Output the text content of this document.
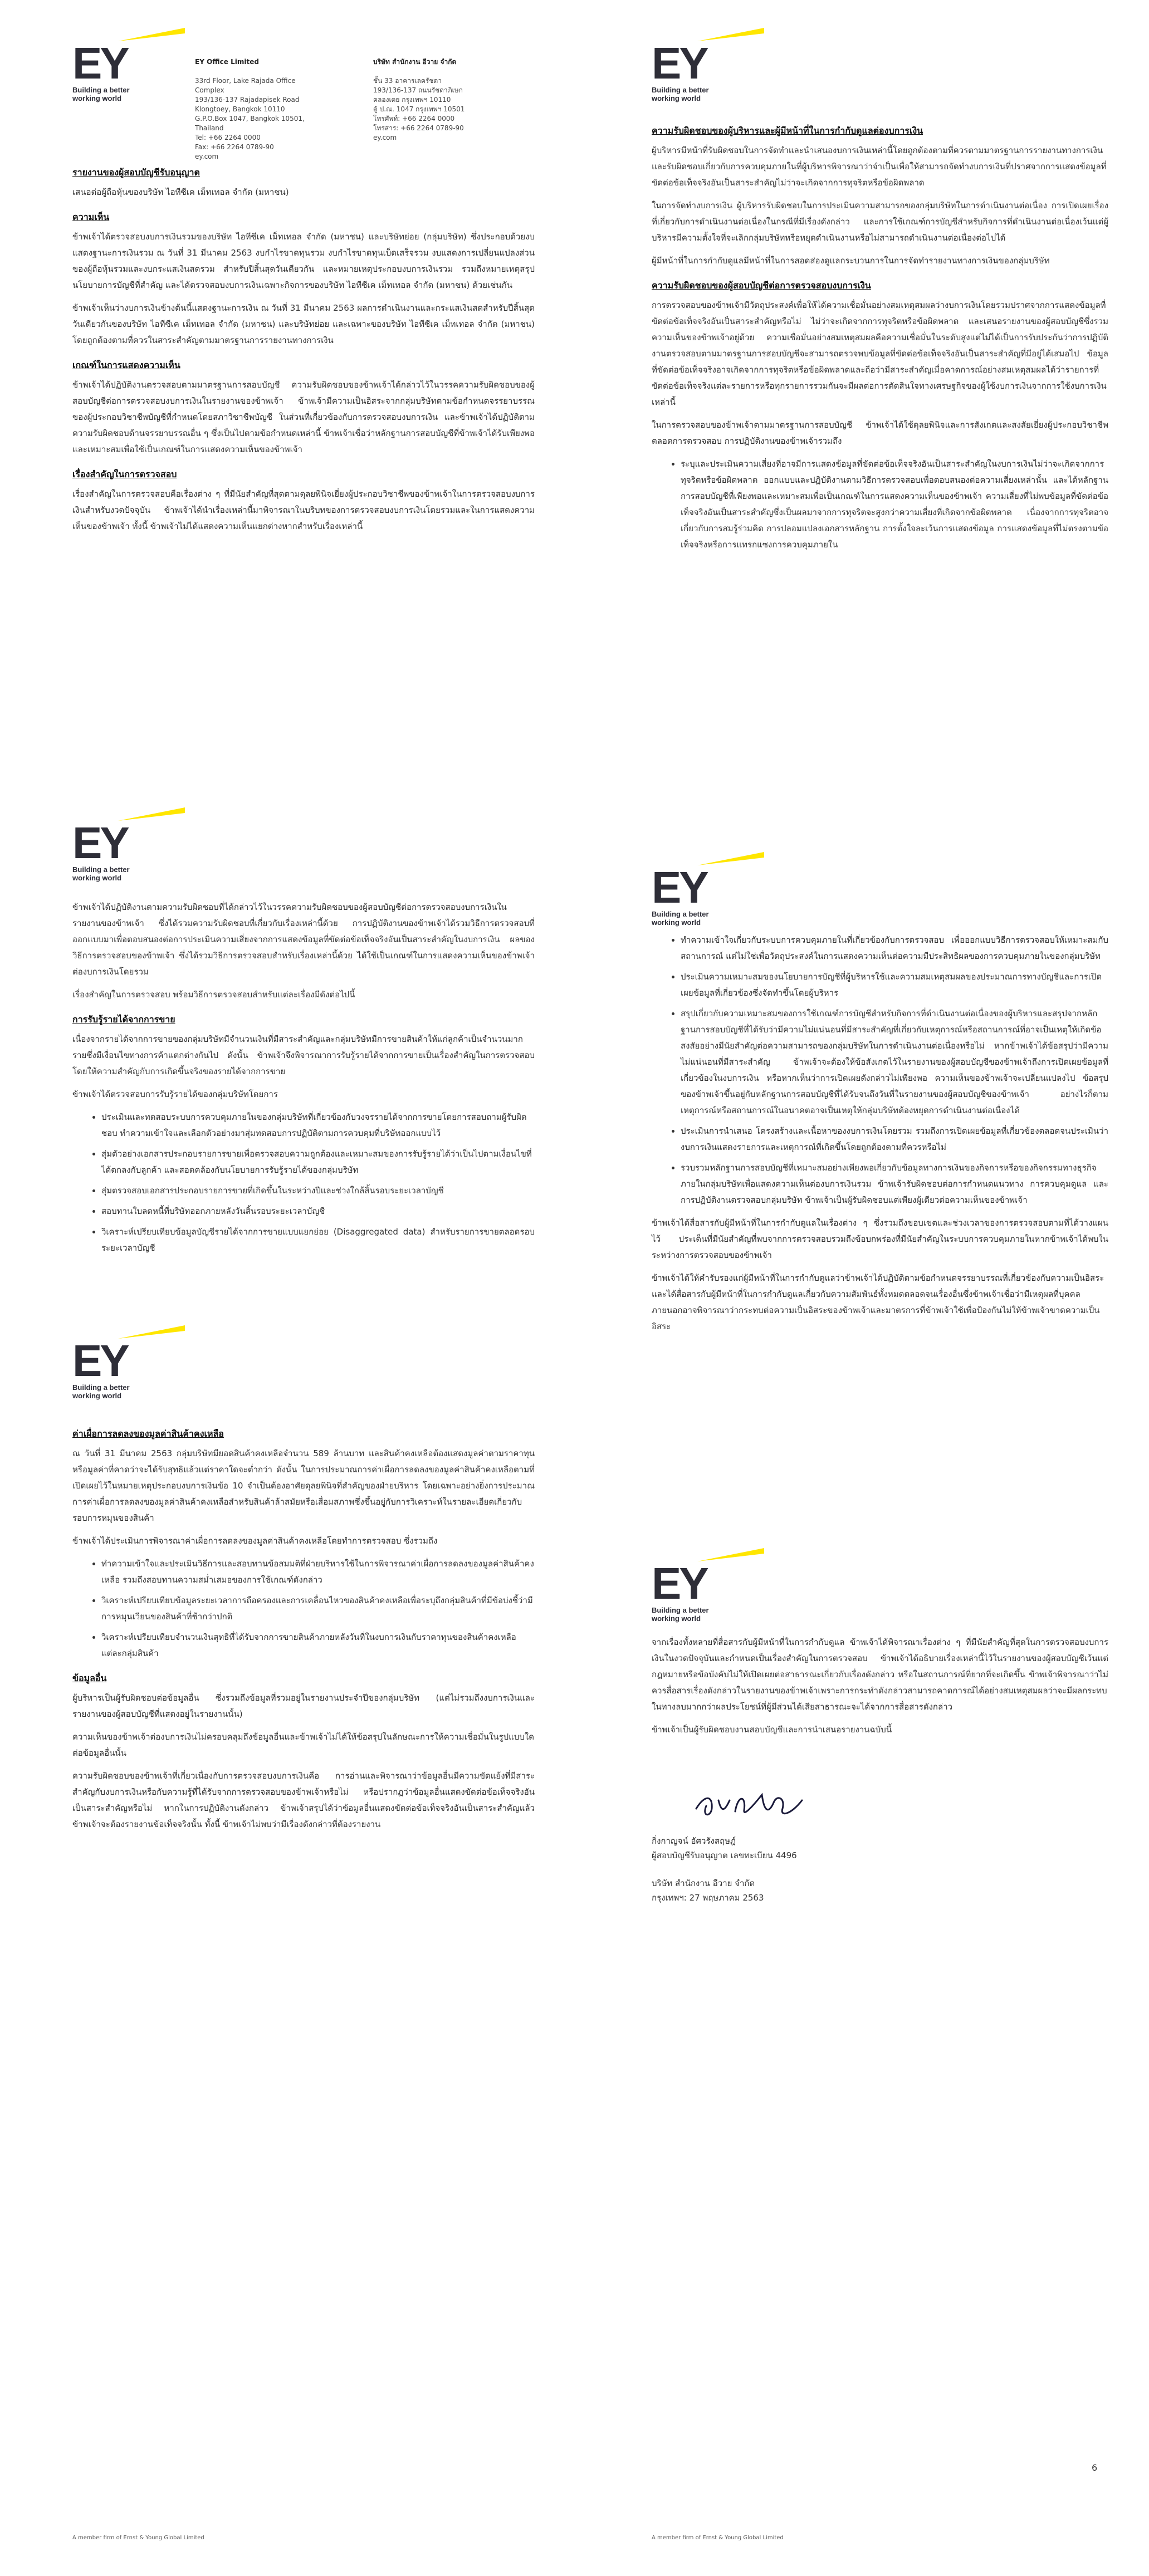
EY
Building a better
working world

EY Office Limited

33rd Floor, Lake Rajada Office Complex
193/136-137 Rajadapisek Road
Klongtoey, Bangkok 10110
G.P.O.Box 1047, Bangkok 10501, Thailand
Tel: +66 2264 0000
Fax: +66 2264 0789-90
ey.com

บริษัท สำนักงาน อีวาย จำกัด

ชั้น 33 อาคารเลครัชดา
193/136-137 ถนนรัชดาภิเษก
คลองเตย กรุงเทพฯ 10110
ตู้ ป.ณ. 1047 กรุงเทพฯ 10501
โทรศัพท์: +66 2264 0000
โทรสาร: +66 2264 0789-90
ey.com

รายงานของผู้สอบบัญชีรับอนุญาต
เสนอต่อผู้ถือหุ้นของบริษัท ไอทีซีเค เม็ทเทอล จำกัด (มหาชน)
ความเห็น

ข้าพเจ้าได้ตรวจสอบงบการเงินรวมของบริษัท ไอทีซีเค เม็ทเทอล จำกัด (มหาชน) และบริษัทย่อย (กลุ่มบริษัท) ซึ่งประกอบด้วยงบแสดงฐานะการเงินรวม ณ วันที่ 31 มีนาคม 2563 งบกำไรขาดทุนรวม งบกำไรขาดทุนเบ็ดเสร็จรวม งบแสดงการเปลี่ยนแปลงส่วนของผู้ถือหุ้นรวมและงบกระแสเงินสดรวม สำหรับปีสิ้นสุดวันเดียวกัน และหมายเหตุประกอบงบการเงินรวม รวมถึงหมายเหตุสรุปนโยบายการบัญชีที่สำคัญ และได้ตรวจสอบงบการเงินเฉพาะกิจการของบริษัท ไอทีซีเค เม็ทเทอล จำกัด (มหาชน) ด้วยเช่นกัน

ข้าพเจ้าเห็นว่างบการเงินข้างต้นนี้แสดงฐานะการเงิน ณ วันที่ 31 มีนาคม 2563 ผลการดำเนินงานและกระแสเงินสดสำหรับปีสิ้นสุดวันเดียวกันของบริษัท ไอทีซีเค เม็ทเทอล จำกัด (มหาชน) และบริษัทย่อย และเฉพาะของบริษัท ไอทีซีเค เม็ทเทอล จำกัด (มหาชน) โดยถูกต้องตามที่ควรในสาระสำคัญตามมาตรฐานการรายงานทางการเงิน

เกณฑ์ในการแสดงความเห็น

ข้าพเจ้าได้ปฏิบัติงานตรวจสอบตามมาตรฐานการสอบบัญชี ความรับผิดชอบของข้าพเจ้าได้กล่าวไว้ในวรรคความรับผิดชอบของผู้สอบบัญชีต่อการตรวจสอบงบการเงินในรายงานของข้าพเจ้า ข้าพเจ้ามีความเป็นอิสระจากกลุ่มบริษัทตามข้อกำหนดจรรยาบรรณของผู้ประกอบวิชาชีพบัญชีที่กำหนดโดยสภาวิชาชีพบัญชี ในส่วนที่เกี่ยวข้องกับการตรวจสอบงบการเงิน และข้าพเจ้าได้ปฏิบัติตามความรับผิดชอบด้านจรรยาบรรณอื่น ๆ ซึ่งเป็นไปตามข้อกำหนดเหล่านี้ ข้าพเจ้าเชื่อว่าหลักฐานการสอบบัญชีที่ข้าพเจ้าได้รับเพียงพอและเหมาะสมเพื่อใช้เป็นเกณฑ์ในการแสดงความเห็นของข้าพเจ้า

เรื่องสำคัญในการตรวจสอบ

เรื่องสำคัญในการตรวจสอบคือเรื่องต่าง ๆ ที่มีนัยสำคัญที่สุดตามดุลยพินิจเยี่ยงผู้ประกอบวิชาชีพของข้าพเจ้าในการตรวจสอบงบการเงินสำหรับงวดปัจจุบัน ข้าพเจ้าได้นำเรื่องเหล่านี้มาพิจารณาในบริบทของการตรวจสอบงบการเงินโดยรวมและในการแสดงความเห็นของข้าพเจ้า ทั้งนี้ ข้าพเจ้าไม่ได้แสดงความเห็นแยกต่างหากสำหรับเรื่องเหล่านี้

EY
Building a better
working world

ข้าพเจ้าได้ปฏิบัติงานตามความรับผิดชอบที่ได้กล่าวไว้ในวรรคความรับผิดชอบของผู้สอบบัญชีต่อการตรวจสอบงบการเงินในรายงานของข้าพเจ้า ซึ่งได้รวมความรับผิดชอบที่เกี่ยวกับเรื่องเหล่านี้ด้วย การปฏิบัติงานของข้าพเจ้าได้รวมวิธีการตรวจสอบที่ออกแบบมาเพื่อตอบสนองต่อการประเมินความเสี่ยงจากการแสดงข้อมูลที่ขัดต่อข้อเท็จจริงอันเป็นสาระสำคัญในงบการเงิน ผลของวิธีการตรวจสอบของข้าพเจ้า ซึ่งได้รวมวิธีการตรวจสอบสำหรับเรื่องเหล่านี้ด้วย ได้ใช้เป็นเกณฑ์ในการแสดงความเห็นของข้าพเจ้าต่องบการเงินโดยรวม

เรื่องสำคัญในการตรวจสอบ พร้อมวิธีการตรวจสอบสำหรับแต่ละเรื่องมีดังต่อไปนี้

การรับรู้รายได้จากการขาย

เนื่องจากรายได้จากการขายของกลุ่มบริษัทมีจำนวนเงินที่มีสาระสำคัญและกลุ่มบริษัทมีการขายสินค้าให้แก่ลูกค้าเป็นจำนวนมากรายซึ่งมีเงื่อนไขทางการค้าแตกต่างกันไป ดังนั้น ข้าพเจ้าจึงพิจารณาการรับรู้รายได้จากการขายเป็นเรื่องสำคัญในการตรวจสอบ โดยให้ความสำคัญกับการเกิดขึ้นจริงของรายได้จากการขาย

ข้าพเจ้าได้ตรวจสอบการรับรู้รายได้ของกลุ่มบริษัทโดยการ

• ประเมินและทดสอบระบบการควบคุมภายในของกลุ่มบริษัทที่เกี่ยวข้องกับวงจรรายได้จากการขายโดยการสอบถามผู้รับผิดชอบ ทำความเข้าใจและเลือกตัวอย่างมาสุ่มทดสอบการปฏิบัติตามการควบคุมที่บริษัทออกแบบไว้
• สุ่มตัวอย่างเอกสารประกอบรายการขายเพื่อตรวจสอบความถูกต้องและเหมาะสมของการรับรู้รายได้ว่าเป็นไปตามเงื่อนไขที่ได้ตกลงกับลูกค้า และสอดคล้องกับนโยบายการรับรู้รายได้ของกลุ่มบริษัท
• สุ่มตรวจสอบเอกสารประกอบรายการขายที่เกิดขึ้นในระหว่างปีและช่วงใกล้สิ้นรอบระยะเวลาบัญชี
• สอบทานใบลดหนี้ที่บริษัทออกภายหลังวันสิ้นรอบระยะเวลาบัญชี
• วิเคราะห์เปรียบเทียบข้อมูลบัญชีรายได้จากการขายแบบแยกย่อย (Disaggregated data) สำหรับรายการขายตลอดรอบระยะเวลาบัญชี
EY
Building a better
working world
ค่าเผื่อการลดลงของมูลค่าสินค้าคงเหลือ

ณ วันที่ 31 มีนาคม 2563 กลุ่มบริษัทมียอดสินค้าคงเหลือจำนวน 589 ล้านบาท และสินค้าคงเหลือต้องแสดงมูลค่าตามราคาทุนหรือมูลค่าที่คาดว่าจะได้รับสุทธิแล้วแต่ราคาใดจะต่ำกว่า ดังนั้น ในการประมาณการค่าเผื่อการลดลงของมูลค่าสินค้าคงเหลือตามที่เปิดเผยไว้ในหมายเหตุประกอบงบการเงินข้อ 10 จำเป็นต้องอาศัยดุลยพินิจที่สำคัญของฝ่ายบริหาร โดยเฉพาะอย่างยิ่งการประมาณการค่าเผื่อการลดลงของมูลค่าสินค้าคงเหลือสำหรับสินค้าล้าสมัยหรือเสื่อมสภาพซึ่งขึ้นอยู่กับการวิเคราะห์ในรายละเอียดเกี่ยวกับรอบการหมุนของสินค้า

ข้าพเจ้าได้ประเมินการพิจารณาค่าเผื่อการลดลงของมูลค่าสินค้าคงเหลือโดยทำการตรวจสอบ ซึ่งรวมถึง

• ทำความเข้าใจและประเมินวิธีการและสอบทานข้อสมมติที่ฝ่ายบริหารใช้ในการพิจารณาค่าเผื่อการลดลงของมูลค่าสินค้าคงเหลือ รวมถึงสอบทานความสม่ำเสมอของการใช้เกณฑ์ดังกล่าว
• วิเคราะห์เปรียบเทียบข้อมูลระยะเวลาการถือครองและการเคลื่อนไหวของสินค้าคงเหลือเพื่อระบุถึงกลุ่มสินค้าที่มีข้อบ่งชี้ว่ามีการหมุนเวียนของสินค้าที่ช้ากว่าปกติ
• วิเคราะห์เปรียบเทียบจำนวนเงินสุทธิที่ได้รับจากการขายสินค้าภายหลังวันที่ในงบการเงินกับราคาทุนของสินค้าคงเหลือแต่ละกลุ่มสินค้า
ข้อมูลอื่น

ผู้บริหารเป็นผู้รับผิดชอบต่อข้อมูลอื่น ซึ่งรวมถึงข้อมูลที่รวมอยู่ในรายงานประจำปีของกลุ่มบริษัท (แต่ไม่รวมถึงงบการเงินและรายงานของผู้สอบบัญชีที่แสดงอยู่ในรายงานนั้น)

ความเห็นของข้าพเจ้าต่องบการเงินไม่ครอบคลุมถึงข้อมูลอื่นและข้าพเจ้าไม่ได้ให้ข้อสรุปในลักษณะการให้ความเชื่อมั่นในรูปแบบใดต่อข้อมูลอื่นนั้น

ความรับผิดชอบของข้าพเจ้าที่เกี่ยวเนื่องกับการตรวจสอบงบการเงินคือ การอ่านและพิจารณาว่าข้อมูลอื่นมีความขัดแย้งที่มีสาระสำคัญกับงบการเงินหรือกับความรู้ที่ได้รับจากการตรวจสอบของข้าพเจ้าหรือไม่ หรือปรากฏว่าข้อมูลอื่นแสดงขัดต่อข้อเท็จจริงอันเป็นสาระสำคัญหรือไม่ หากในการปฏิบัติงานดังกล่าว ข้าพเจ้าสรุปได้ว่าข้อมูลอื่นแสดงขัดต่อข้อเท็จจริงอันเป็นสาระสำคัญแล้ว ข้าพเจ้าจะต้องรายงานข้อเท็จจริงนั้น ทั้งนี้ ข้าพเจ้าไม่พบว่ามีเรื่องดังกล่าวที่ต้องรายงาน

A member firm of Ernst & Young Global Limited
EY
Building a better
working world
ความรับผิดชอบของผู้บริหารและผู้มีหน้าที่ในการกำกับดูแลต่องบการเงิน

ผู้บริหารมีหน้าที่รับผิดชอบในการจัดทำและนำเสนองบการเงินเหล่านี้โดยถูกต้องตามที่ควรตามมาตรฐานการรายงานทางการเงิน และรับผิดชอบเกี่ยวกับการควบคุมภายในที่ผู้บริหารพิจารณาว่าจำเป็นเพื่อให้สามารถจัดทำงบการเงินที่ปราศจากการแสดงข้อมูลที่ขัดต่อข้อเท็จจริงอันเป็นสาระสำคัญไม่ว่าจะเกิดจากการทุจริตหรือข้อผิดพลาด

ในการจัดทำงบการเงิน ผู้บริหารรับผิดชอบในการประเมินความสามารถของกลุ่มบริษัทในการดำเนินงานต่อเนื่อง การเปิดเผยเรื่องที่เกี่ยวกับการดำเนินงานต่อเนื่องในกรณีที่มีเรื่องดังกล่าว และการใช้เกณฑ์การบัญชีสำหรับกิจการที่ดำเนินงานต่อเนื่องเว้นแต่ผู้บริหารมีความตั้งใจที่จะเลิกกลุ่มบริษัทหรือหยุดดำเนินงานหรือไม่สามารถดำเนินงานต่อเนื่องต่อไปได้

ผู้มีหน้าที่ในการกำกับดูแลมีหน้าที่ในการสอดส่องดูแลกระบวนการในการจัดทำรายงานทางการเงินของกลุ่มบริษัท

ความรับผิดชอบของผู้สอบบัญชีต่อการตรวจสอบงบการเงิน

การตรวจสอบของข้าพเจ้ามีวัตถุประสงค์เพื่อให้ได้ความเชื่อมั่นอย่างสมเหตุสมผลว่างบการเงินโดยรวมปราศจากการแสดงข้อมูลที่ขัดต่อข้อเท็จจริงอันเป็นสาระสำคัญหรือไม่ ไม่ว่าจะเกิดจากการทุจริตหรือข้อผิดพลาด และเสนอรายงานของผู้สอบบัญชีซึ่งรวมความเห็นของข้าพเจ้าอยู่ด้วย ความเชื่อมั่นอย่างสมเหตุสมผลคือความเชื่อมั่นในระดับสูงแต่ไม่ได้เป็นการรับประกันว่าการปฏิบัติงานตรวจสอบตามมาตรฐานการสอบบัญชีจะสามารถตรวจพบข้อมูลที่ขัดต่อข้อเท็จจริงอันเป็นสาระสำคัญที่มีอยู่ได้เสมอไป ข้อมูลที่ขัดต่อข้อเท็จจริงอาจเกิดจากการทุจริตหรือข้อผิดพลาดและถือว่ามีสาระสำคัญเมื่อคาดการณ์อย่างสมเหตุสมผลได้ว่ารายการที่ขัดต่อข้อเท็จจริงแต่ละรายการหรือทุกรายการรวมกันจะมีผลต่อการตัดสินใจทางเศรษฐกิจของผู้ใช้งบการเงินจากการใช้งบการเงินเหล่านี้

ในการตรวจสอบของข้าพเจ้าตามมาตรฐานการสอบบัญชี ข้าพเจ้าได้ใช้ดุลยพินิจและการสังเกตและสงสัยเยี่ยงผู้ประกอบวิชาชีพตลอดการตรวจสอบ การปฏิบัติงานของข้าพเจ้ารวมถึง

• ระบุและประเมินความเสี่ยงที่อาจมีการแสดงข้อมูลที่ขัดต่อข้อเท็จจริงอันเป็นสาระสำคัญในงบการเงินไม่ว่าจะเกิดจากการทุจริตหรือข้อผิดพลาด ออกแบบและปฏิบัติงานตามวิธีการตรวจสอบเพื่อตอบสนองต่อความเสี่ยงเหล่านั้น และได้หลักฐานการสอบบัญชีที่เพียงพอและเหมาะสมเพื่อเป็นเกณฑ์ในการแสดงความเห็นของข้าพเจ้า ความเสี่ยงที่ไม่พบข้อมูลที่ขัดต่อข้อเท็จจริงอันเป็นสาระสำคัญซึ่งเป็นผลมาจากการทุจริตจะสูงกว่าความเสี่ยงที่เกิดจากข้อผิดพลาด เนื่องจากการทุจริตอาจเกี่ยวกับการสมรู้ร่วมคิด การปลอมแปลงเอกสารหลักฐาน การตั้งใจละเว้นการแสดงข้อมูล การแสดงข้อมูลที่ไม่ตรงตามข้อเท็จจริงหรือการแทรกแซงการควบคุมภายใน
EY
Building a better
working world
• ทำความเข้าใจเกี่ยวกับระบบการควบคุมภายในที่เกี่ยวข้องกับการตรวจสอบ เพื่อออกแบบวิธีการตรวจสอบให้เหมาะสมกับสถานการณ์ แต่ไม่ใช่เพื่อวัตถุประสงค์ในการแสดงความเห็นต่อความมีประสิทธิผลของการควบคุมภายในของกลุ่มบริษัท
• ประเมินความเหมาะสมของนโยบายการบัญชีที่ผู้บริหารใช้และความสมเหตุสมผลของประมาณการทางบัญชีและการเปิดเผยข้อมูลที่เกี่ยวข้องซึ่งจัดทำขึ้นโดยผู้บริหาร
• สรุปเกี่ยวกับความเหมาะสมของการใช้เกณฑ์การบัญชีสำหรับกิจการที่ดำเนินงานต่อเนื่องของผู้บริหารและสรุปจากหลักฐานการสอบบัญชีที่ได้รับว่ามีความไม่แน่นอนที่มีสาระสำคัญที่เกี่ยวกับเหตุการณ์หรือสถานการณ์ที่อาจเป็นเหตุให้เกิดข้อสงสัยอย่างมีนัยสำคัญต่อความสามารถของกลุ่มบริษัทในการดำเนินงานต่อเนื่องหรือไม่ หากข้าพเจ้าได้ข้อสรุปว่ามีความไม่แน่นอนที่มีสาระสำคัญ ข้าพเจ้าจะต้องให้ข้อสังเกตไว้ในรายงานของผู้สอบบัญชีของข้าพเจ้าถึงการเปิดเผยข้อมูลที่เกี่ยวข้องในงบการเงิน หรือหากเห็นว่าการเปิดเผยดังกล่าวไม่เพียงพอ ความเห็นของข้าพเจ้าจะเปลี่ยนแปลงไป ข้อสรุปของข้าพเจ้าขึ้นอยู่กับหลักฐานการสอบบัญชีที่ได้รับจนถึงวันที่ในรายงานของผู้สอบบัญชีของข้าพเจ้า อย่างไรก็ตามเหตุการณ์หรือสถานการณ์ในอนาคตอาจเป็นเหตุให้กลุ่มบริษัทต้องหยุดการดำเนินงานต่อเนื่องได้
• ประเมินการนำเสนอ โครงสร้างและเนื้อหาของงบการเงินโดยรวม รวมถึงการเปิดเผยข้อมูลที่เกี่ยวข้องตลอดจนประเมินว่างบการเงินแสดงรายการและเหตุการณ์ที่เกิดขึ้นโดยถูกต้องตามที่ควรหรือไม่
• รวบรวมหลักฐานการสอบบัญชีที่เหมาะสมอย่างเพียงพอเกี่ยวกับข้อมูลทางการเงินของกิจการหรือของกิจกรรมทางธุรกิจภายในกลุ่มบริษัทเพื่อแสดงความเห็นต่องบการเงินรวม ข้าพเจ้ารับผิดชอบต่อการกำหนดแนวทาง การควบคุมดูแล และการปฏิบัติงานตรวจสอบกลุ่มบริษัท ข้าพเจ้าเป็นผู้รับผิดชอบแต่เพียงผู้เดียวต่อความเห็นของข้าพเจ้า

ข้าพเจ้าได้สื่อสารกับผู้มีหน้าที่ในการกำกับดูแลในเรื่องต่าง ๆ ซึ่งรวมถึงขอบเขตและช่วงเวลาของการตรวจสอบตามที่ได้วางแผนไว้ ประเด็นที่มีนัยสำคัญที่พบจากการตรวจสอบรวมถึงข้อบกพร่องที่มีนัยสำคัญในระบบการควบคุมภายในหากข้าพเจ้าได้พบในระหว่างการตรวจสอบของข้าพเจ้า

ข้าพเจ้าได้ให้คำรับรองแก่ผู้มีหน้าที่ในการกำกับดูแลว่าข้าพเจ้าได้ปฏิบัติตามข้อกำหนดจรรยาบรรณที่เกี่ยวข้องกับความเป็นอิสระและได้สื่อสารกับผู้มีหน้าที่ในการกำกับดูแลเกี่ยวกับความสัมพันธ์ทั้งหมดตลอดจนเรื่องอื่นซึ่งข้าพเจ้าเชื่อว่ามีเหตุผลที่บุคคลภายนอกอาจพิจารณาว่ากระทบต่อความเป็นอิสระของข้าพเจ้าและมาตรการที่ข้าพเจ้าใช้เพื่อป้องกันไม่ให้ข้าพเจ้าขาดความเป็นอิสระ

EY
Building a better
working world

จากเรื่องทั้งหลายที่สื่อสารกับผู้มีหน้าที่ในการกำกับดูแล ข้าพเจ้าได้พิจารณาเรื่องต่าง ๆ ที่มีนัยสำคัญที่สุดในการตรวจสอบงบการเงินในงวดปัจจุบันและกำหนดเป็นเรื่องสำคัญในการตรวจสอบ ข้าพเจ้าได้อธิบายเรื่องเหล่านี้ไว้ในรายงานของผู้สอบบัญชีเว้นแต่กฎหมายหรือข้อบังคับไม่ให้เปิดเผยต่อสาธารณะเกี่ยวกับเรื่องดังกล่าว หรือในสถานการณ์ที่ยากที่จะเกิดขึ้น ข้าพเจ้าพิจารณาว่าไม่ควรสื่อสารเรื่องดังกล่าวในรายงานของข้าพเจ้าเพราะการกระทำดังกล่าวสามารถคาดการณ์ได้อย่างสมเหตุสมผลว่าจะมีผลกระทบในทางลบมากกว่าผลประโยชน์ที่ผู้มีส่วนได้เสียสาธารณะจะได้จากการสื่อสารดังกล่าว

ข้าพเจ้าเป็นผู้รับผิดชอบงานสอบบัญชีและการนำเสนอรายงานฉบับนี้

กิ่งกาญจน์ อัศวรังสฤษฎ์
ผู้สอบบัญชีรับอนุญาต เลขทะเบียน 4496
บริษัท สำนักงาน อีวาย จำกัด
กรุงเทพฯ: 27 พฤษภาคม 2563
6
A member firm of Ernst & Young Global Limited
